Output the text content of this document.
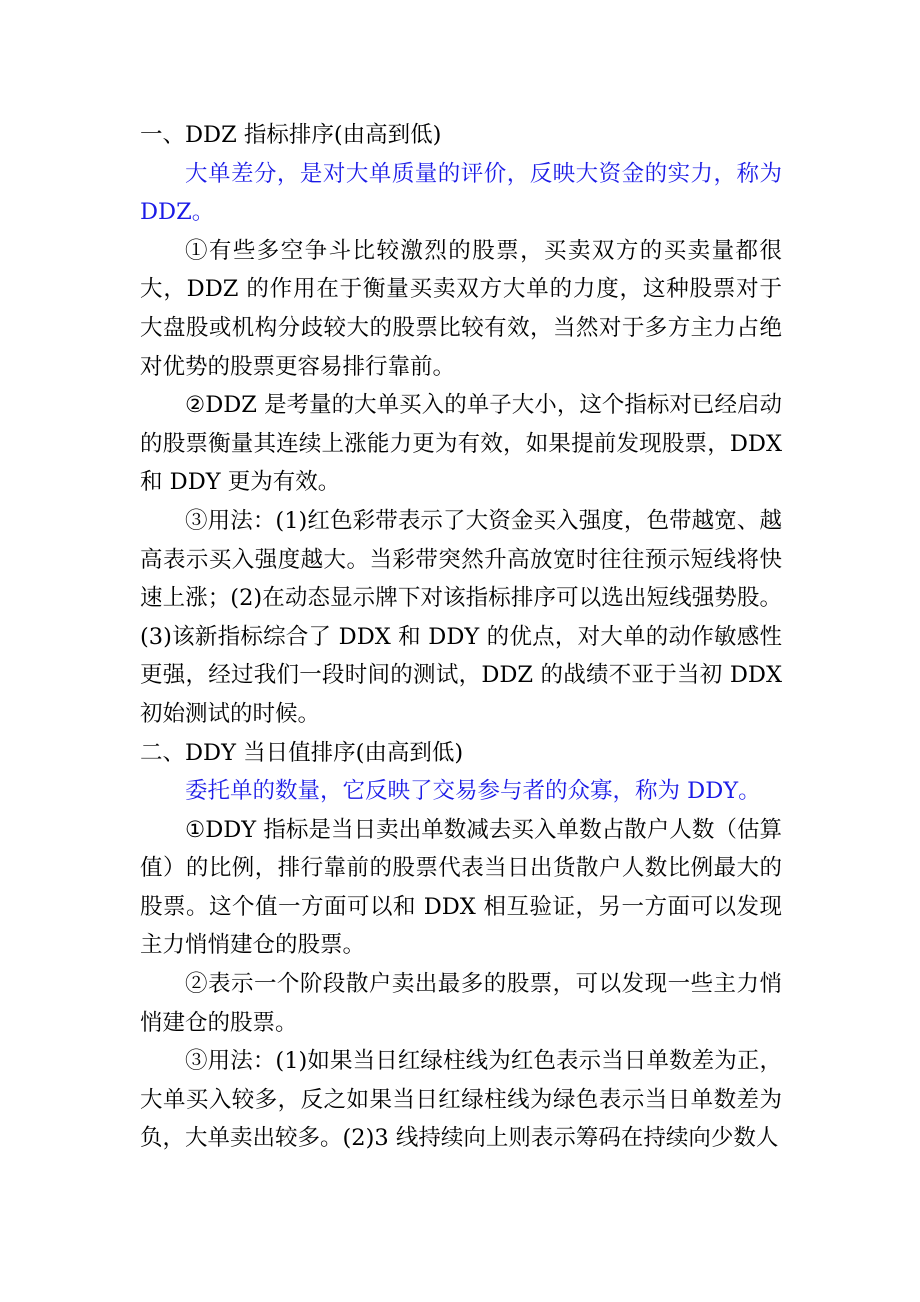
一、DDZ 指标排序(由高到低)

大单差分，是对大单质量的评价，反映大资金的实力，称为 DDZ。

①有些多空争斗比较激烈的股票，买卖双方的买卖量都很大，DDZ 的作用在于衡量买卖双方大单的力度，这种股票对于大盘股或机构分歧较大的股票比较有效，当然对于多方主力占绝对优势的股票更容易排行靠前。

②DDZ 是考量的大单买入的单子大小，这个指标对已经启动的股票衡量其连续上涨能力更为有效，如果提前发现股票，DDX 和 DDY 更为有效。

③用法：(1)红色彩带表示了大资金买入强度，色带越宽、越高表示买入强度越大。当彩带突然升高放宽时往往预示短线将快速上涨；(2)在动态显示牌下对该指标排序可以选出短线强势股。(3)该新指标综合了 DDX 和 DDY 的优点，对大单的动作敏感性更强，经过我们一段时间的测试，DDZ 的战绩不亚于当初 DDX 初始测试的时候。

二、DDY 当日值排序(由高到低)

委托单的数量，它反映了交易参与者的众寡，称为 DDY。

①DDY 指标是当日卖出单数减去买入单数占散户人数（估算值）的比例，排行靠前的股票代表当日出货散户人数比例最大的股票。这个值一方面可以和 DDX 相互验证，另一方面可以发现主力悄悄建仓的股票。

②表示一个阶段散户卖出最多的股票，可以发现一些主力悄悄建仓的股票。

③用法：(1)如果当日红绿柱线为红色表示当日单数差为正，大单买入较多，反之如果当日红绿柱线为绿色表示当日单数差为负，大单卖出较多。(2)3 线持续向上则表示筹码在持续向少数人
